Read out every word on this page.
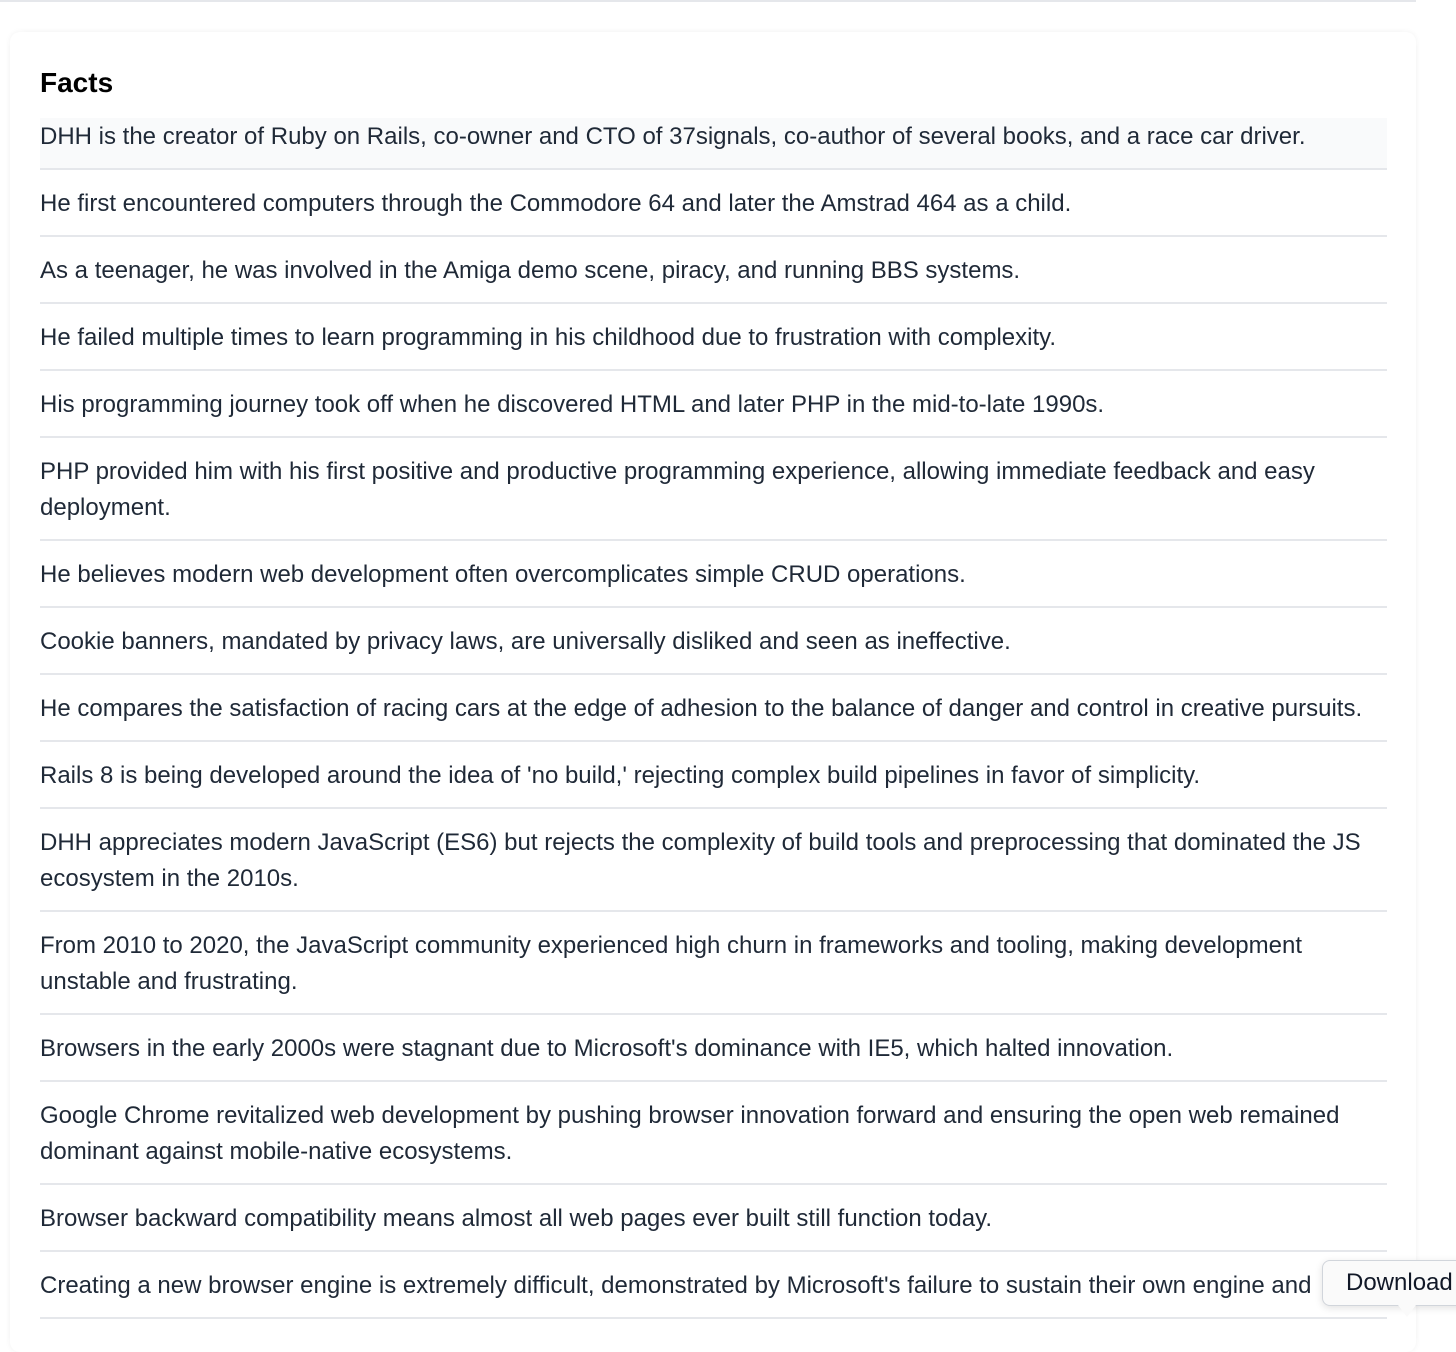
Facts
DHH is the creator of Ruby on Rails, co-owner and CTO of 37signals, co-author of several books, and a race car driver.
He first encountered computers through the Commodore 64 and later the Amstrad 464 as a child.
As a teenager, he was involved in the Amiga demo scene, piracy, and running BBS systems.
He failed multiple times to learn programming in his childhood due to frustration with complexity.
His programming journey took off when he discovered HTML and later PHP in the mid-to-late 1990s.
PHP provided him with his first positive and productive programming experience, allowing immediate feedback and easy deployment.
He believes modern web development often overcomplicates simple CRUD operations.
Cookie banners, mandated by privacy laws, are universally disliked and seen as ineffective.
He compares the satisfaction of racing cars at the edge of adhesion to the balance of danger and control in creative pursuits.
Rails 8 is being developed around the idea of 'no build,' rejecting complex build pipelines in favor of simplicity.
DHH appreciates modern JavaScript (ES6) but rejects the complexity of build tools and preprocessing that dominated the JS ecosystem in the 2010s.
From 2010 to 2020, the JavaScript community experienced high churn in frameworks and tooling, making development unstable and frustrating.
Browsers in the early 2000s were stagnant due to Microsoft's dominance with IE5, which halted innovation.
Google Chrome revitalized web development by pushing browser innovation forward and ensuring the open web remained dominant against mobile-native ecosystems.
Browser backward compatibility means almost all web pages ever built still function today.
Creating a new browser engine is extremely difficult, demonstrated by Microsoft's failure to sustain their own engine and	Download
